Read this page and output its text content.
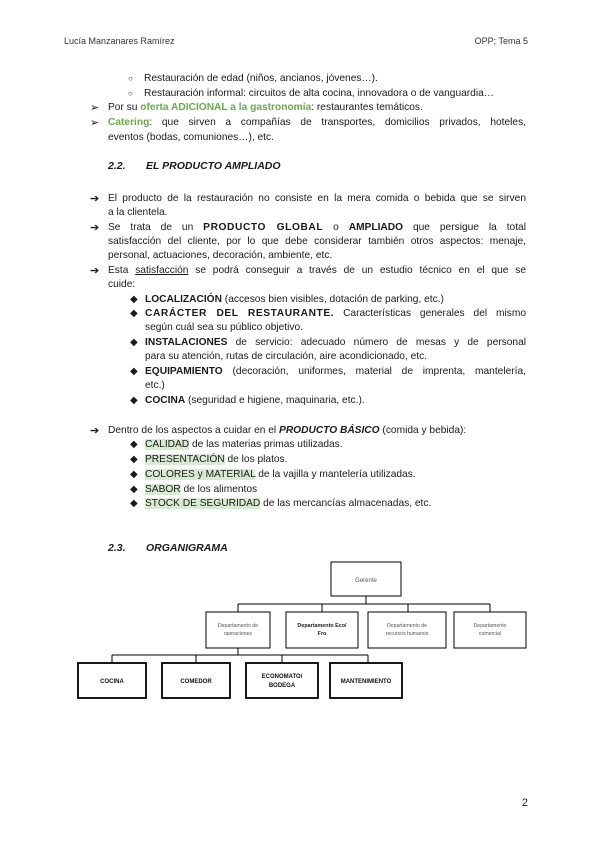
Lucía Manzanares Ramírez	OPP; Tema 5
○ Restauración de edad (niños, ancianos, jóvenes…).
○ Restauración informal: circuitos de alta cocina, innovadora o de vanguardia…
➢ Por su oferta ADICIONAL a la gastronomía: restaurantes temáticos.
➢ Catering: que sirven a compañías de transportes, domicilios privados, hoteles,
eventos (bodas, comuniones…), etc.
2.2. EL PRODUCTO AMPLIADO
➔ El producto de la restauración no consiste en la mera comida o bebida que se sirven
a la clientela.
➔ Se trata de un PRODUCTO GLOBAL o AMPLIADO que persigue la total
satisfacción del cliente, por lo que debe considerar también otros aspectos: menaje,
personal, actuaciones, decoración, ambiente, etc.
➔ Esta satisfacción se podrá conseguir a través de un estudio técnico en el que se
cuide:
◆ LOCALIZACIÓN (accesos bien visibles, dotación de parking, etc.)
◆ CARÁCTER DEL RESTAURANTE. Características generales del mismo
según cuál sea su público objetivo.
◆ INSTALACIONES de servicio: adecuado número de mesas y de personal
para su atención, rutas de circulación, aire acondicionado, etc.
◆ EQUIPAMIENTO (decoración, uniformes, material de imprenta, mantelería,
etc.)
◆ COCINA (seguridad e higiene, maquinaria, etc.).
➔ Dentro de los aspectos a cuidar en el PRODUCTO BÁSICO (comida y bebida):
◆ CALIDAD de las materias primas utilizadas.
◆ PRESENTACIÓN de los platos.
◆ COLORES y MATERIAL de la vajilla y mantelería utilizadas.
◆ SABOR de los alimentos
◆ STOCK DE SEGURIDAD de las mercancías almacenadas, etc.
2.3. ORGANIGRAMA
Gerente
Departamento de
operaciones
Departamento Eco/
Fro
Departamento de
recursos humanos
Departamento
comercial
COCINA	COMEDOR
ECONOMATO/
BODEGA
MANTENIMIENTO
2
